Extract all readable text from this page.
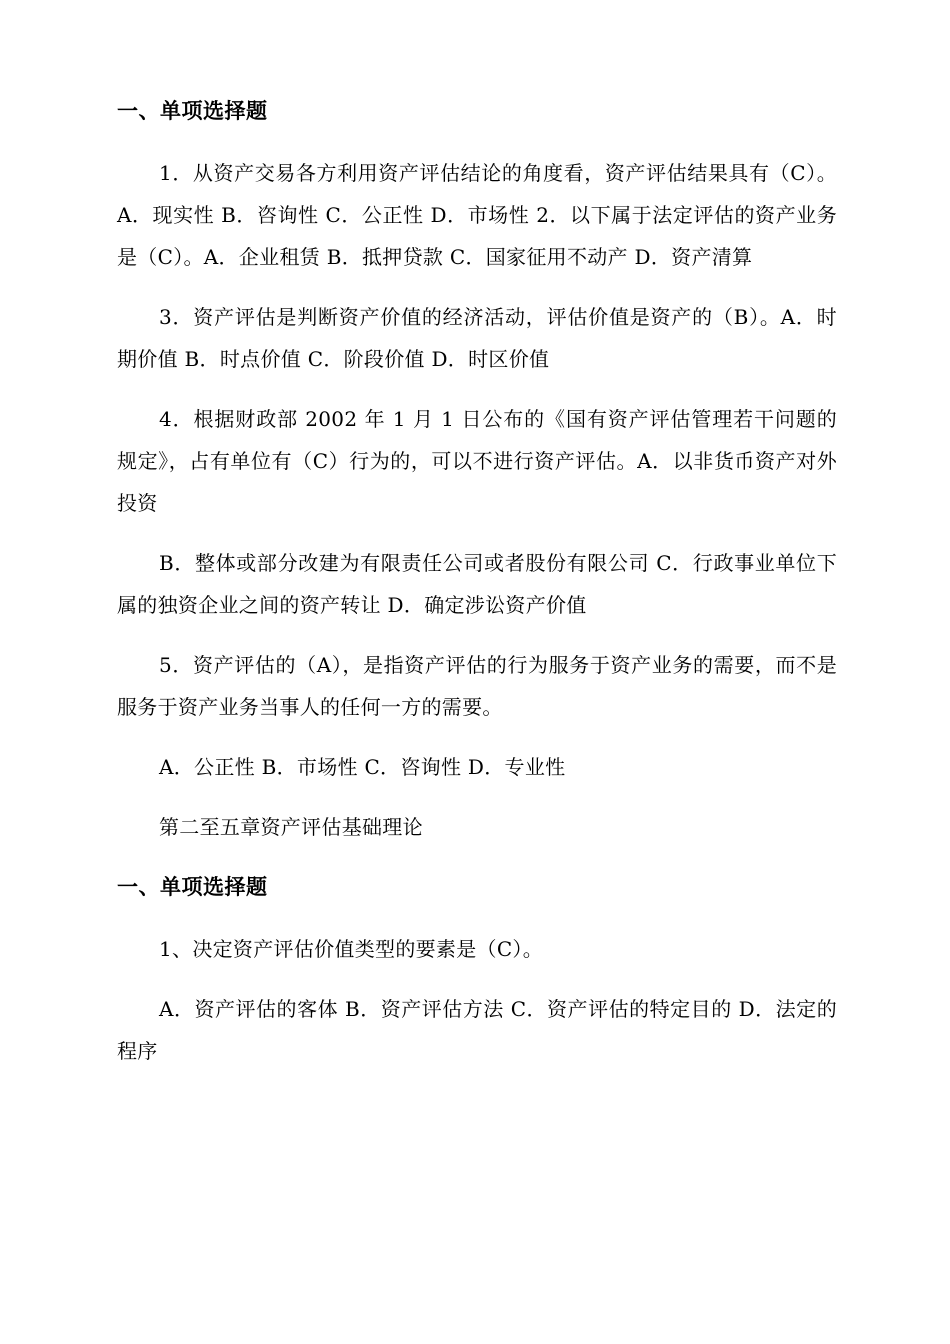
一、单项选择题

1．从资产交易各方利用资产评估结论的角度看，资产评估结果具有（C）。A．现实性 B．咨询性 C．公正性 D．市场性 2．以下属于法定评估的资产业务是（C）。A．企业租赁 B．抵押贷款 C．国家征用不动产 D．资产清算

3．资产评估是判断资产价值的经济活动，评估价值是资产的（B）。A．时期价值 B．时点价值 C．阶段价值 D．时区价值

4．根据财政部 2002 年 1 月 1 日公布的《国有资产评估管理若干问题的规定》，占有单位有（C）行为的，可以不进行资产评估。A．以非货币资产对外投资

B．整体或部分改建为有限责任公司或者股份有限公司 C．行政事业单位下属的独资企业之间的资产转让 D．确定涉讼资产价值

5．资产评估的（A），是指资产评估的行为服务于资产业务的需要，而不是服务于资产业务当事人的任何一方的需要。

A．公正性 B．市场性 C．咨询性 D．专业性

第二至五章资产评估基础理论

一、单项选择题

1、决定资产评估价值类型的要素是（C）。

A．资产评估的客体 B．资产评估方法 C．资产评估的特定目的 D．法定的程序
